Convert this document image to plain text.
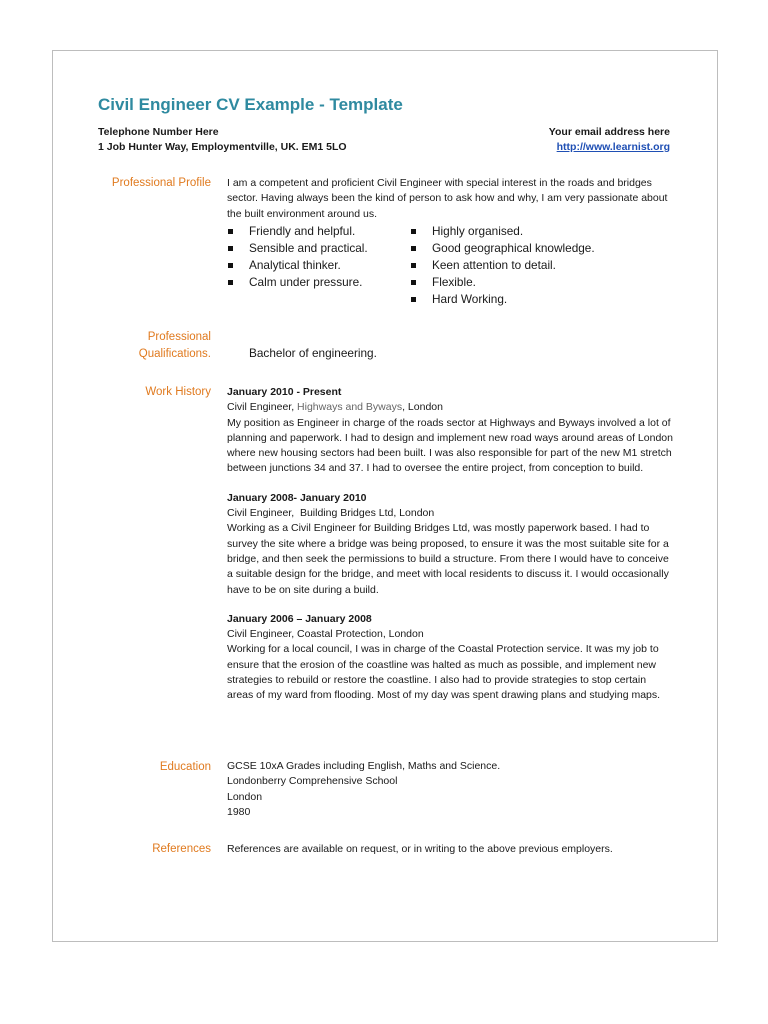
Civil Engineer CV Example - Template
Telephone Number Here
1 Job Hunter Way, Employmentville, UK. EM1 5LO
Your email address here
http://www.learnist.org
Professional Profile I am a competent and proficient Civil Engineer with special interest in the roads and bridges sector. Having always been the kind of person to ask how and why, I am very passionate about the built environment around us.

Friendly and helpful.
Sensible and practical.
Analytical thinker.
Calm under pressure.
Highly organised.
Good geographical knowledge.
Keen attention to detail.
Flexible.
Hard Working.
Professional
Qualifications.	Bachelor of engineering.
Work History January 2010 - Present
Civil Engineer, Highways and Byways, London
My position as Engineer in charge of the roads sector at Highways and Byways involved a lot of planning and paperwork. I had to design and implement new road ways around areas of London where new housing sectors had been built. I was also responsible for part of the new M1 stretch between junctions 34 and 37. I had to oversee the entire project, from conception to build.
January 2008- January 2010
Civil Engineer,  Building Bridges Ltd, London
Working as a Civil Engineer for Building Bridges Ltd, was mostly paperwork based. I had to survey the site where a bridge was being proposed, to ensure it was the most suitable site for a bridge, and then seek the permissions to build a structure. From there I would have to conceive a suitable design for the bridge, and meet with local residents to discuss it. I would occasionally have to be on site during a build.
January 2006 – January 2008
Civil Engineer, Coastal Protection, London
Working for a local council, I was in charge of the Coastal Protection service. It was my job to ensure that the erosion of the coastline was halted as much as possible, and implement new strategies to rebuild or restore the coastline. I also had to provide strategies to stop certain areas of my ward from flooding. Most of my day was spent drawing plans and studying maps.
Education GCSE 10xA Grades including English, Maths and Science.
Londonberry Comprehensive School
London
1980
References References are available on request, or in writing to the above previous employers.
